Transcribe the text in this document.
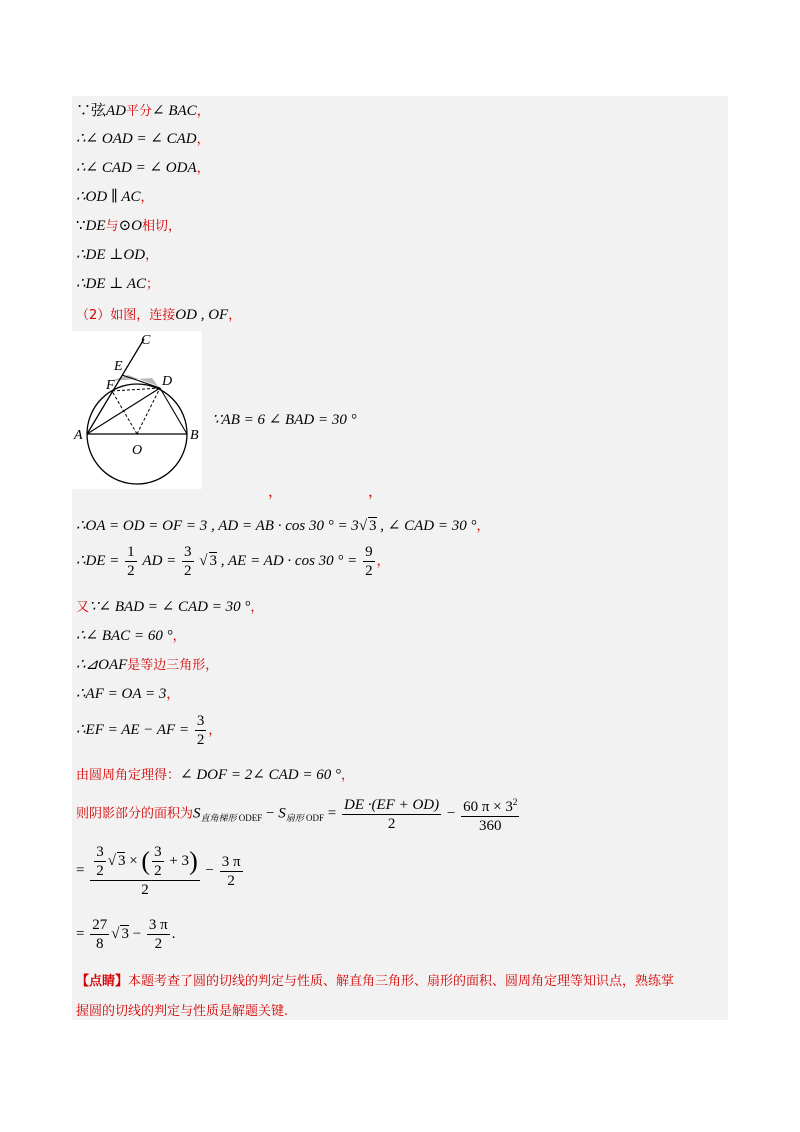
∵弦AD平分∠ BAC，
∴∠ OAD = ∠ CAD，
∴∠ CAD = ∠ ODA，
∴OD ∥ AC，
∵DE与⊙O相切，
∴DE ⊥OD，
∴DE ⊥ AC；
（2）如图，连接OD , OF，
C
E
F	D
A	B
O
∵AB = 6 ∠ BAD = 30 °
，	，
∴OA = OD = OF = 3 , AD = AB · cos 30 ° = 3√ 3 , ∠ CAD = 30 °，
∴DE = $\frac{1}{2}$ AD = $\frac{3}{2}$ √ 3 , AE = AD · cos 30 ° = $\frac{9}{2}$ ，
又∵∠ BAD = ∠ CAD = 30 °，
∴∠ BAC = 60 °，
∴⊿OAF是等边三角形，
∴AF = OA = 3，
∴EF = AE − AF = $\frac{3}{2}$ ，
由圆周角定理得：∠ DOF = 2∠ CAD = 60 °，
则阴影部分的面积为$S_{直角梯形 ODEF} - S_{扇形 ODF} = \frac{DE \cdot(EF + OD)}{2} - \frac{60 \pi \times 3^2}{360}$
= $\frac{\frac{3}{2} √ 3 \times ( \frac{3}{2} + 3)}{2} - \frac{3 \pi}{2}$
= $\frac{27}{8}$ √ $3 - \frac{3 \pi}{2}$ .
【点睛】本题考查了圆的切线的判定与性质、解直角三角形、扇形的面积、圆周角定理等知识点，熟练掌
握圆的切线的判定与性质是解题关键.
